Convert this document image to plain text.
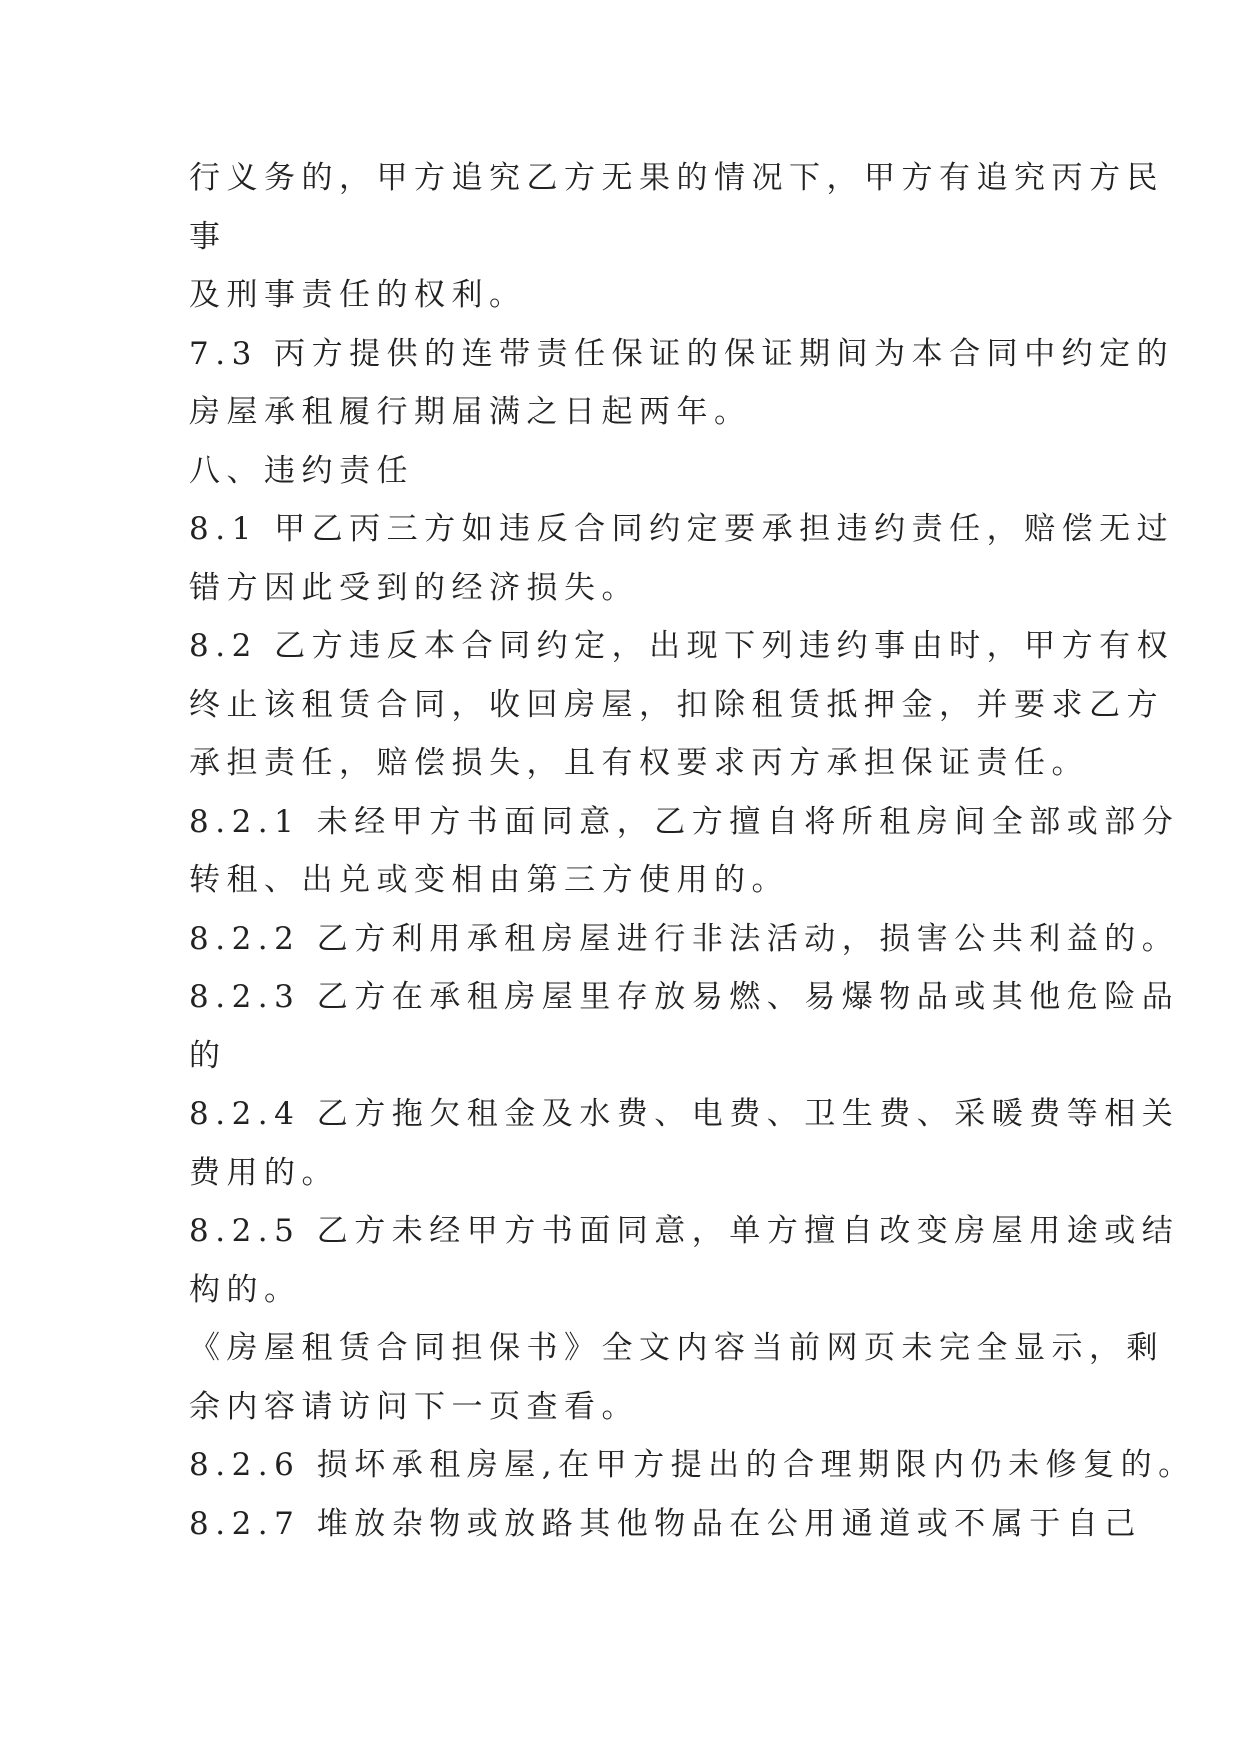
行义务的，甲方追究乙方无果的情况下，甲方有追究丙方民
事
及刑事责任的权利。
7.3 丙方提供的连带责任保证的保证期间为本合同中约定的
房屋承租履行期届满之日起两年。
八、违约责任
8.1 甲乙丙三方如违反合同约定要承担违约责任，赔偿无过
错方因此受到的经济损失。
8.2 乙方违反本合同约定，出现下列违约事由时，甲方有权
终止该租赁合同，收回房屋，扣除租赁抵押金，并要求乙方
承担责任，赔偿损失，且有权要求丙方承担保证责任。
8.2.1 未经甲方书面同意，乙方擅自将所租房间全部或部分
转租、出兑或变相由第三方使用的。
8.2.2 乙方利用承租房屋进行非法活动，损害公共利益的。
8.2.3 乙方在承租房屋里存放易燃、易爆物品或其他危险品
的
8.2.4 乙方拖欠租金及水费、电费、卫生费、采暖费等相关
费用的。
8.2.5 乙方未经甲方书面同意，单方擅自改变房屋用途或结
构的。
《房屋租赁合同担保书》全文内容当前网页未完全显示，剩
余内容请访问下一页查看。
8.2.6 损坏承租房屋,在甲方提出的合理期限内仍未修复的。
8.2.7 堆放杂物或放路其他物品在公用通道或不属于自己
